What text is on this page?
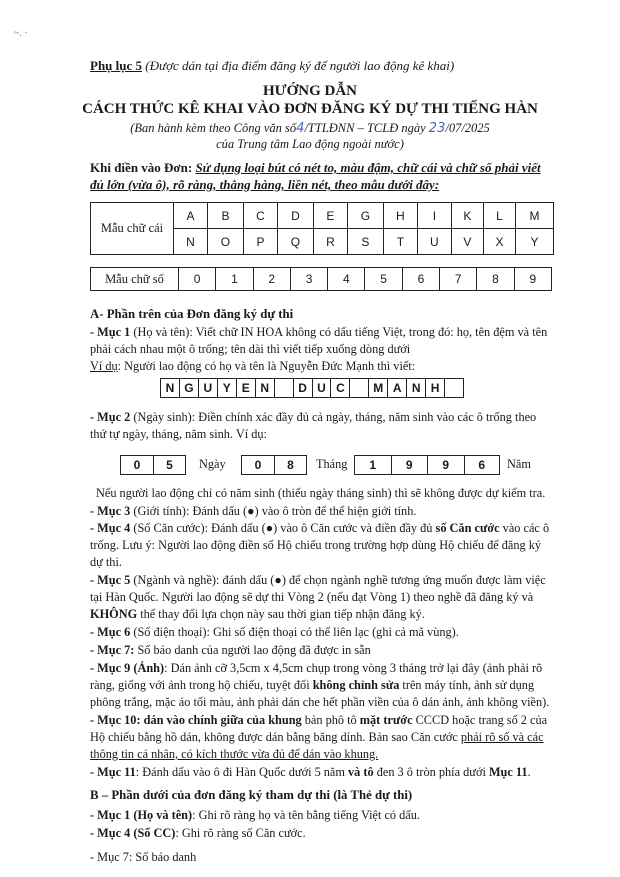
~. ·
Phụ lục 5 (Được dán tại địa điểm đăng ký để người lao động kê khai)
HƯỚNG DẪN
CÁCH THỨC KÊ KHAI VÀO ĐƠN ĐĂNG KÝ DỰ THI TIẾNG HÀN
(Ban hành kèm theo Công văn số4/TTLĐNN – TCLĐ ngày 23/07/2025
của Trung tâm Lao động ngoài nước)
Khi điền vào Đơn: Sử dụng loại bút có nét to, màu đậm, chữ cái và chữ số phải viết
đủ lớn (vừa ô), rõ ràng, thẳng hàng, liền nét, theo mẫu dưới đây:
Mẫu chữ cái	A	B	C	D	E	G	H	I	K	L	M
	N	O	P	Q	R	S	T	U	V	X	Y
Mẫu chữ số	0	1	2	3	4	5	6	7	8	9
A- Phần trên của Đơn đăng ký dự thi
- Mục 1 (Họ và tên): Viết chữ IN HOA không có dấu tiếng Việt, trong đó: họ, tên đệm và tên
phải cách nhau một ô trống; tên dài thì viết tiếp xuống dòng dưới
Ví dụ: Người lao động có họ và tên là Nguyễn Đức Mạnh thì viết:
N G U Y E N	D U C	M A N H
- Mục 2 (Ngày sinh): Điền chính xác đầy đủ cả ngày, tháng, năm sinh vào các ô trống theo
thứ tự ngày, tháng, năm sinh. Ví dụ:
0	5	Ngày	0	8	Tháng	1	9	9	6	Năm
Nếu người lao động chỉ có năm sinh (thiếu ngày tháng sinh) thì sẽ không được dự kiểm tra.
- Mục 3 (Giới tính): Đánh dấu (●) vào ô tròn để thể hiện giới tính.
- Mục 4 (Số Căn cước): Đánh dấu (●) vào ô Căn cước và điền đầy đủ số Căn cước vào các ô
trống. Lưu ý: Người lao động điền số Hộ chiếu trong trường hợp dùng Hộ chiếu để đăng ký
dự thi.
- Mục 5 (Ngành và nghề): đánh dấu (●) để chọn ngành nghề tương ứng muốn được làm việc
tại Hàn Quốc. Người lao động sẽ dự thi Vòng 2 (nếu đạt Vòng 1) theo nghề đã đăng ký và
KHÔNG thể thay đổi lựa chọn này sau thời gian tiếp nhận đăng ký.
- Mục 6 (Số điện thoại): Ghi số điện thoại có thể liên lạc (ghi cả mã vùng).
- Mục 7: Số báo danh của người lao động đã được in sẵn
- Mục 9 (Ảnh): Dán ảnh cỡ 3,5cm x 4,5cm chụp trong vòng 3 tháng trở lại đây (ảnh phải rõ
ràng, giống với ảnh trong hộ chiếu, tuyệt đối không chỉnh sửa trên máy tính, ảnh sử dụng
phông trắng, mặc áo tối màu, ảnh phải dán che hết phần viền của ô dán ảnh, ảnh không viền).
- Mục 10: dán vào chính giữa của khung bản phô tô mặt trước CCCD hoặc trang số 2 của
Hộ chiếu bằng hồ dán, không được dán bằng băng dính. Bản sao Căn cước phải rõ số và các
thông tin cá nhân, có kích thước vừa đủ để dán vào khung.
- Mục 11: Đánh dấu vào ô đi Hàn Quốc dưới 5 năm và tô đen 3 ô tròn phía dưới Mục 11.
B – Phần dưới của đơn đăng ký tham dự thi (là Thẻ dự thi)
- Mục 1 (Họ và tên): Ghi rõ ràng họ và tên bằng tiếng Việt có dấu.
- Mục 4 (Số CC): Ghi rõ ràng số Căn cước.
- Mục 7: Số báo danh
